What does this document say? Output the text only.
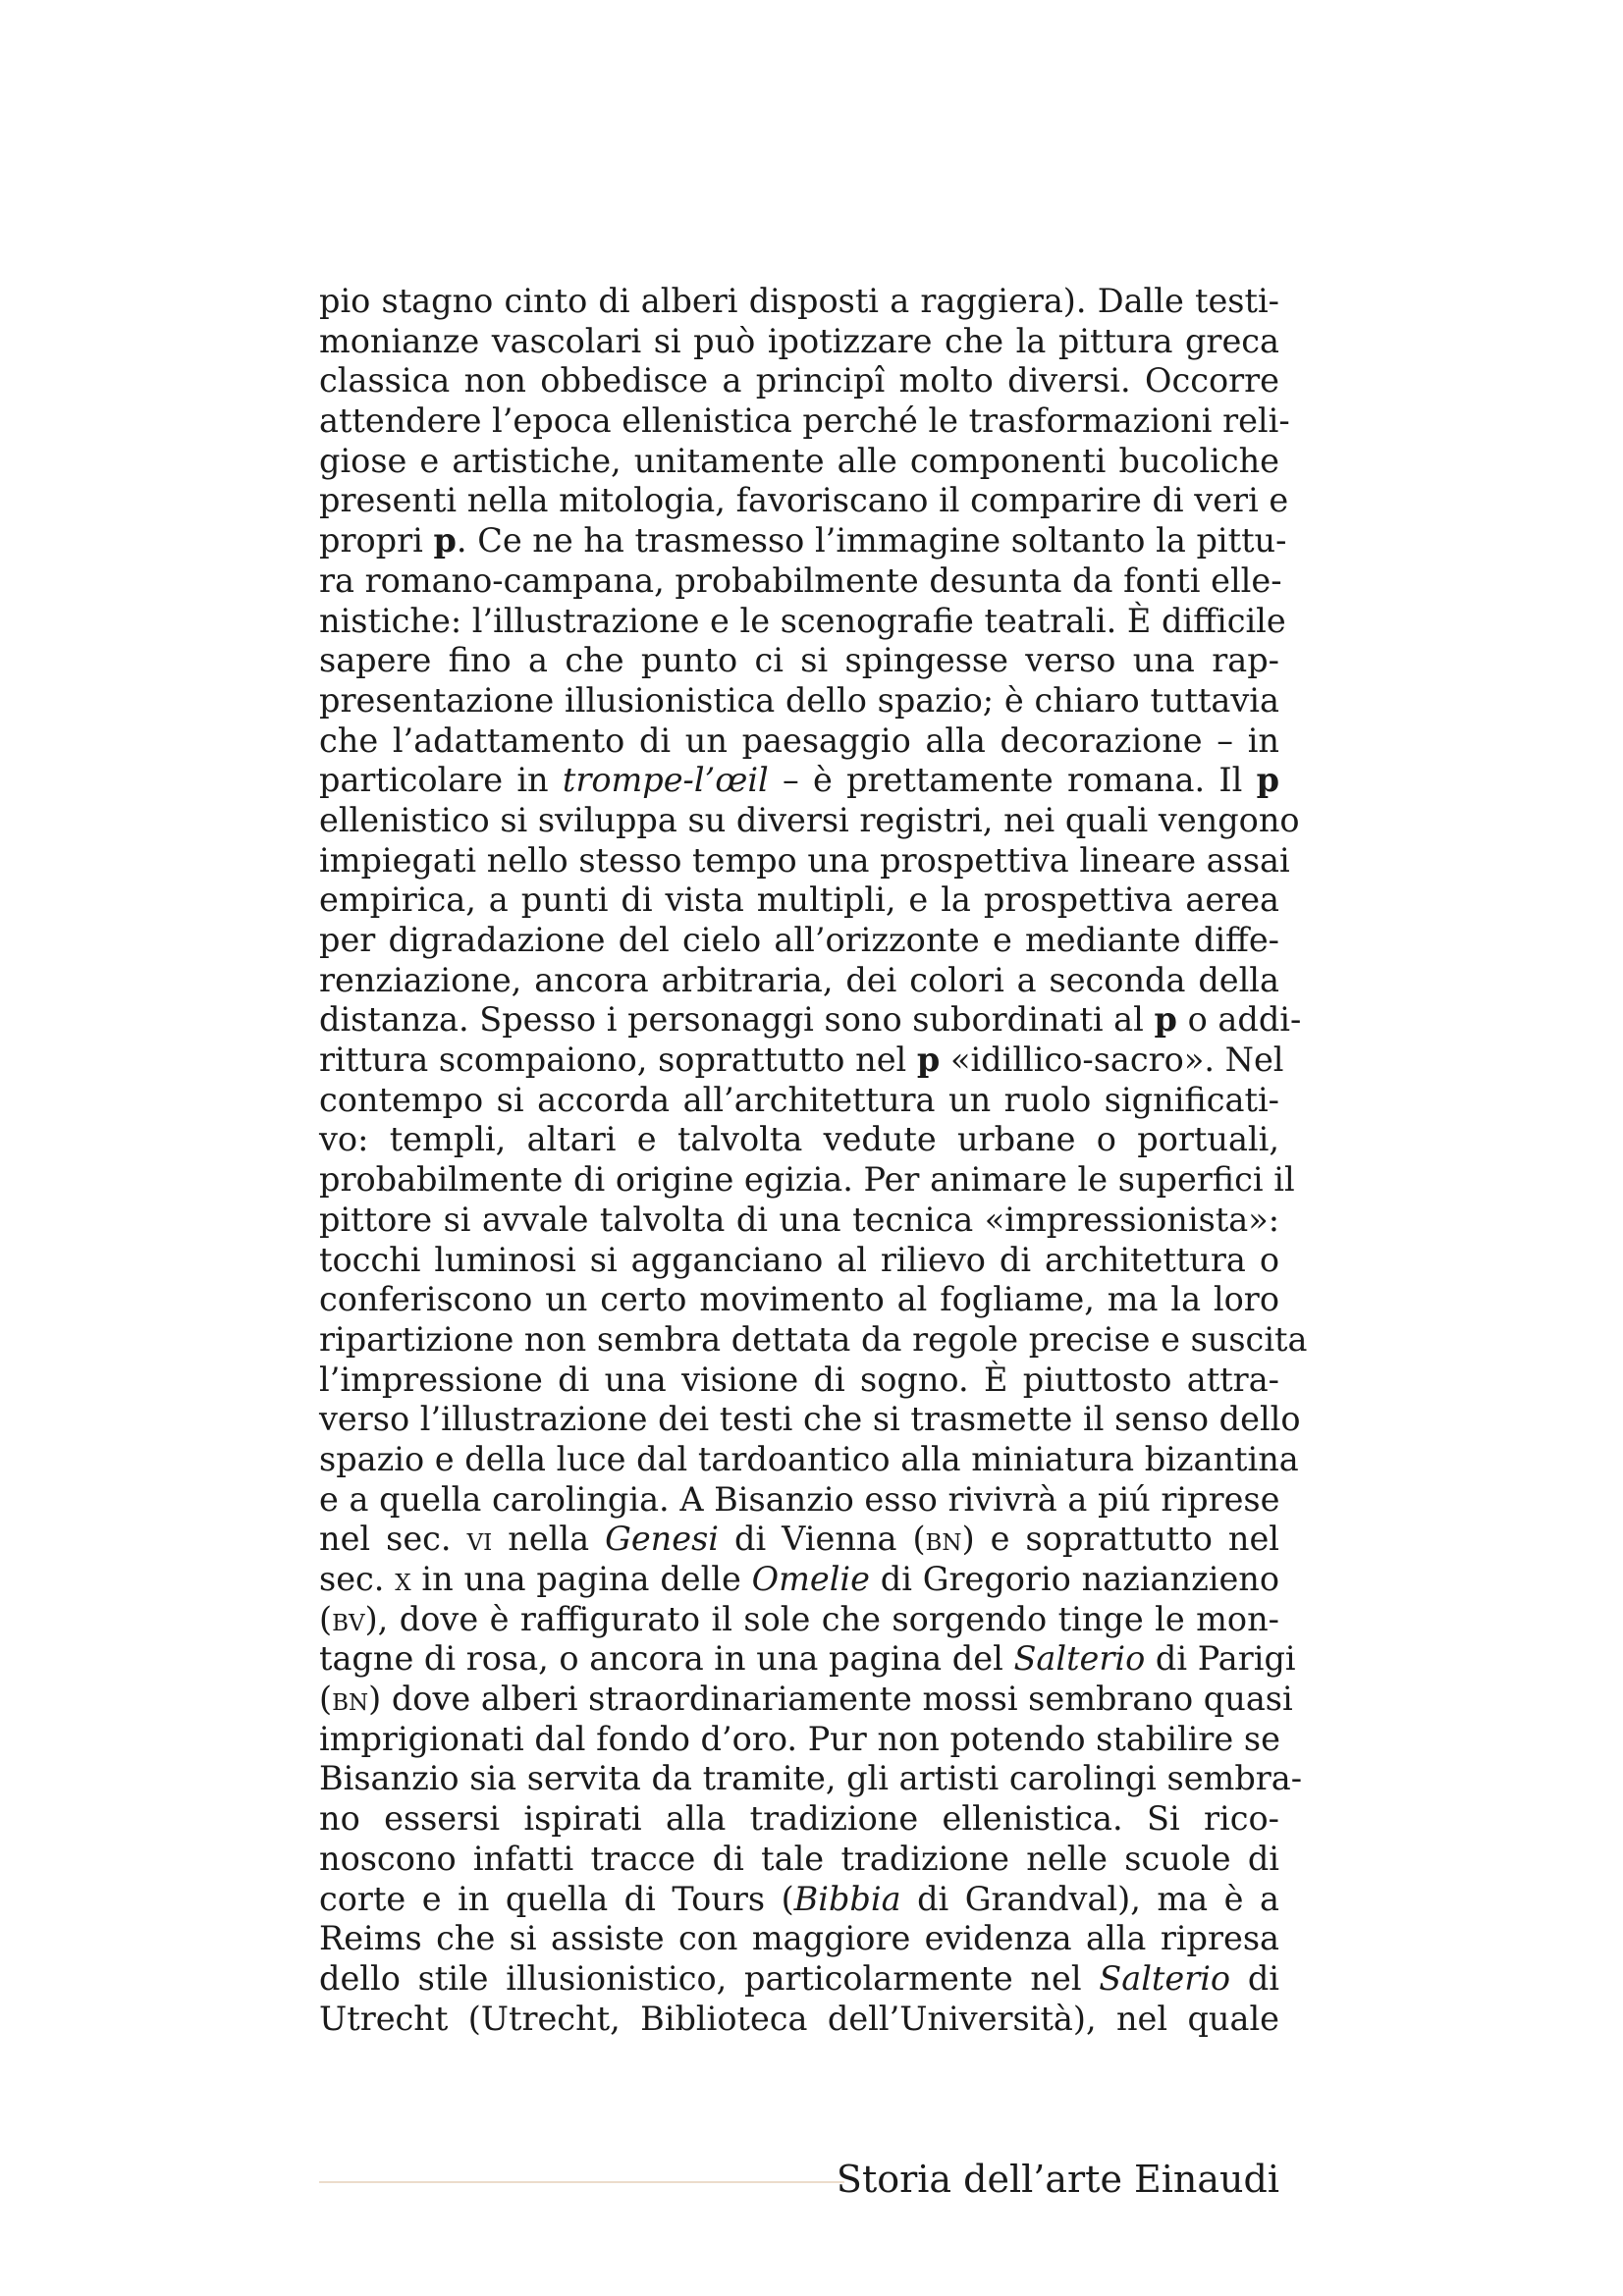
pio stagno cinto di alberi disposti a raggiera). Dalle testi-
monianze vascolari si può ipotizzare che la pittura greca
classica non obbedisce a principî molto diversi. Occorre
attendere l’epoca ellenistica perché le trasformazioni reli-
giose e artistiche, unitamente alle componenti bucoliche
presenti nella mitologia, favoriscano il comparire di veri e
propri p. Ce ne ha trasmesso l’immagine soltanto la pittu-
ra romano-campana, probabilmente desunta da fonti elle-
nistiche: l’illustrazione e le scenografie teatrali. È difficile
sapere fino a che punto ci si spingesse verso una rap-
presentazione illusionistica dello spazio; è chiaro tuttavia
che l’adattamento di un paesaggio alla decorazione – in
particolare in trompe-l’œil – è prettamente romana. Il p
ellenistico si sviluppa su diversi registri, nei quali vengono
impiegati nello stesso tempo una prospettiva lineare assai
empirica, a punti di vista multipli, e la prospettiva aerea
per digradazione del cielo all’orizzonte e mediante diffe-
renziazione, ancora arbitraria, dei colori a seconda della
distanza. Spesso i personaggi sono subordinati al p o addi-
rittura scompaiono, soprattutto nel p «idillico-sacro». Nel
contempo si accorda all’architettura un ruolo significati-
vo: templi, altari e talvolta vedute urbane o portuali,
probabilmente di origine egizia. Per animare le superfici il
pittore si avvale talvolta di una tecnica «impressionista»:
tocchi luminosi si agganciano al rilievo di architettura o
conferiscono un certo movimento al fogliame, ma la loro
ripartizione non sembra dettata da regole precise e suscita
l’impressione di una visione di sogno. È piuttosto attra-
verso l’illustrazione dei testi che si trasmette il senso dello
spazio e della luce dal tardoantico alla miniatura bizantina
e a quella carolingia. A Bisanzio esso rivivrà a piú riprese
nel sec. vi nella Genesi di Vienna (bn) e soprattutto nel
sec. x in una pagina delle Omelie di Gregorio nazianzieno
(bv), dove è raffigurato il sole che sorgendo tinge le mon-
tagne di rosa, o ancora in una pagina del Salterio di Parigi
(bn) dove alberi straordinariamente mossi sembrano quasi
imprigionati dal fondo d’oro. Pur non potendo stabilire se
Bisanzio sia servita da tramite, gli artisti carolingi sembra-
no essersi ispirati alla tradizione ellenistica. Si rico-
noscono infatti tracce di tale tradizione nelle scuole di
corte e in quella di Tours (Bibbia di Grandval), ma è a
Reims che si assiste con maggiore evidenza alla ripresa
dello stile illusionistico, particolarmente nel Salterio di
Utrecht (Utrecht, Biblioteca dell’Università), nel quale
Storia dell’arte Einaudi
